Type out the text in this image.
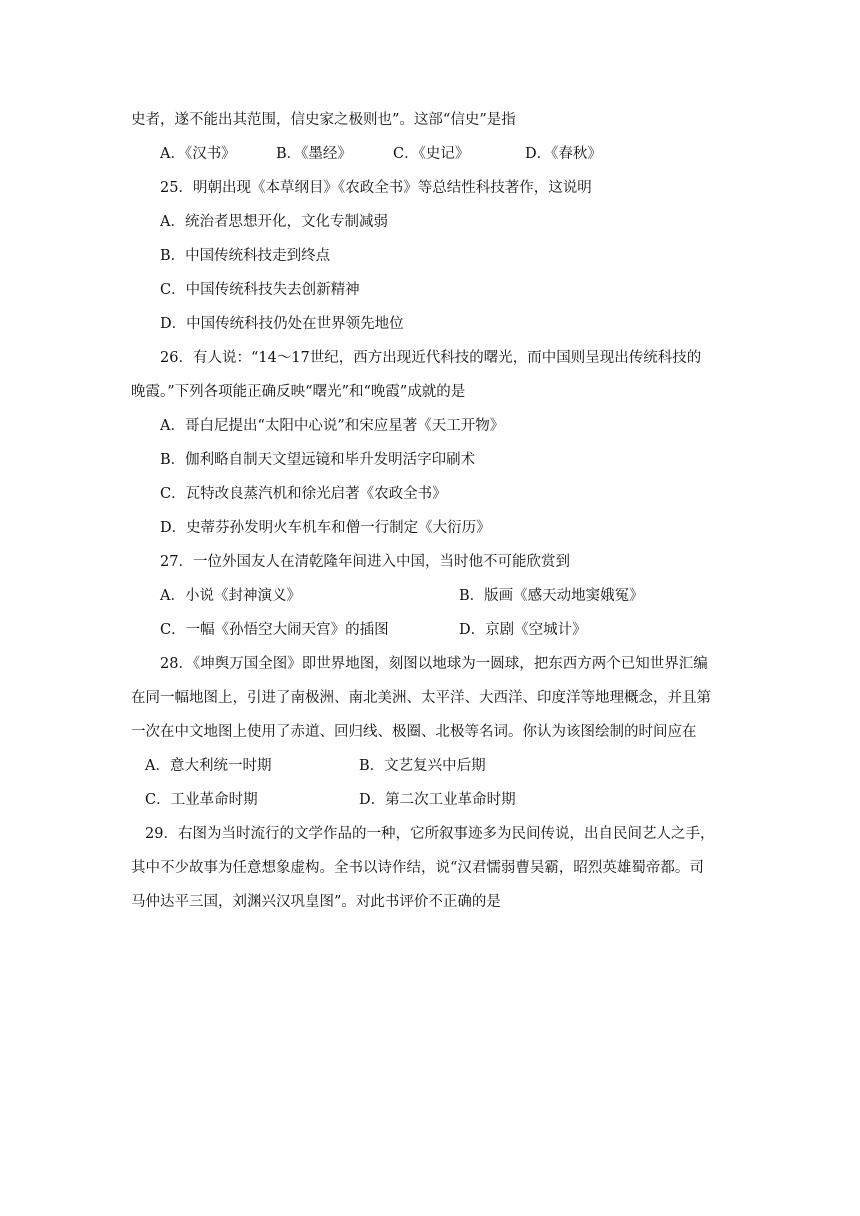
史者，遂不能出其范围，信史家之极则也”。这部“信史”是指
A．《汉书》	B．《墨经》	C．《史记》	D．《春秋》
25．明朝出现《本草纲目》《农政全书》等总结性科技著作，这说明
A．统治者思想开化，文化专制减弱
B．中国传统科技走到终点
C．中国传统科技失去创新精神
D．中国传统科技仍处在世界领先地位
26．有人说：“14～17世纪，西方出现近代科技的曙光，而中国则呈现出传统科技的
晚霞。”下列各项能正确反映“曙光”和“晚霞”成就的是
A．哥白尼提出“太阳中心说”和宋应星著《天工开物》
B．伽利略自制天文望远镜和毕升发明活字印刷术
C．瓦特改良蒸汽机和徐光启著《农政全书》
D．史蒂芬孙发明火车机车和僧一行制定《大衍历》
27．一位外国友人在清乾隆年间进入中国，当时他不可能欣赏到
A．小说《封神演义》	B．版画《感天动地窦娥冤》
C．一幅《孙悟空大闹天宫》的插图	D．京剧《空城计》
28．《坤舆万国全图》即世界地图，刻图以地球为一圆球，把东西方两个已知世界汇编
在同一幅地图上，引进了南极洲、南北美洲、太平洋、大西洋、印度洋等地理概念，并且第
一次在中文地图上使用了赤道、回归线、极圈、北极等名词。你认为该图绘制的时间应在
A．意大利统一时期	B．文艺复兴中后期
C．工业革命时期	D．第二次工业革命时期
29．右图为当时流行的文学作品的一种，它所叙事迹多为民间传说，出自民间艺人之手，
其中不少故事为任意想象虚构。全书以诗作结，说“汉君懦弱曹吴霸，昭烈英雄蜀帝都。司
马仲达平三国，刘渊兴汉巩皇图”。对此书评价不正确的是
